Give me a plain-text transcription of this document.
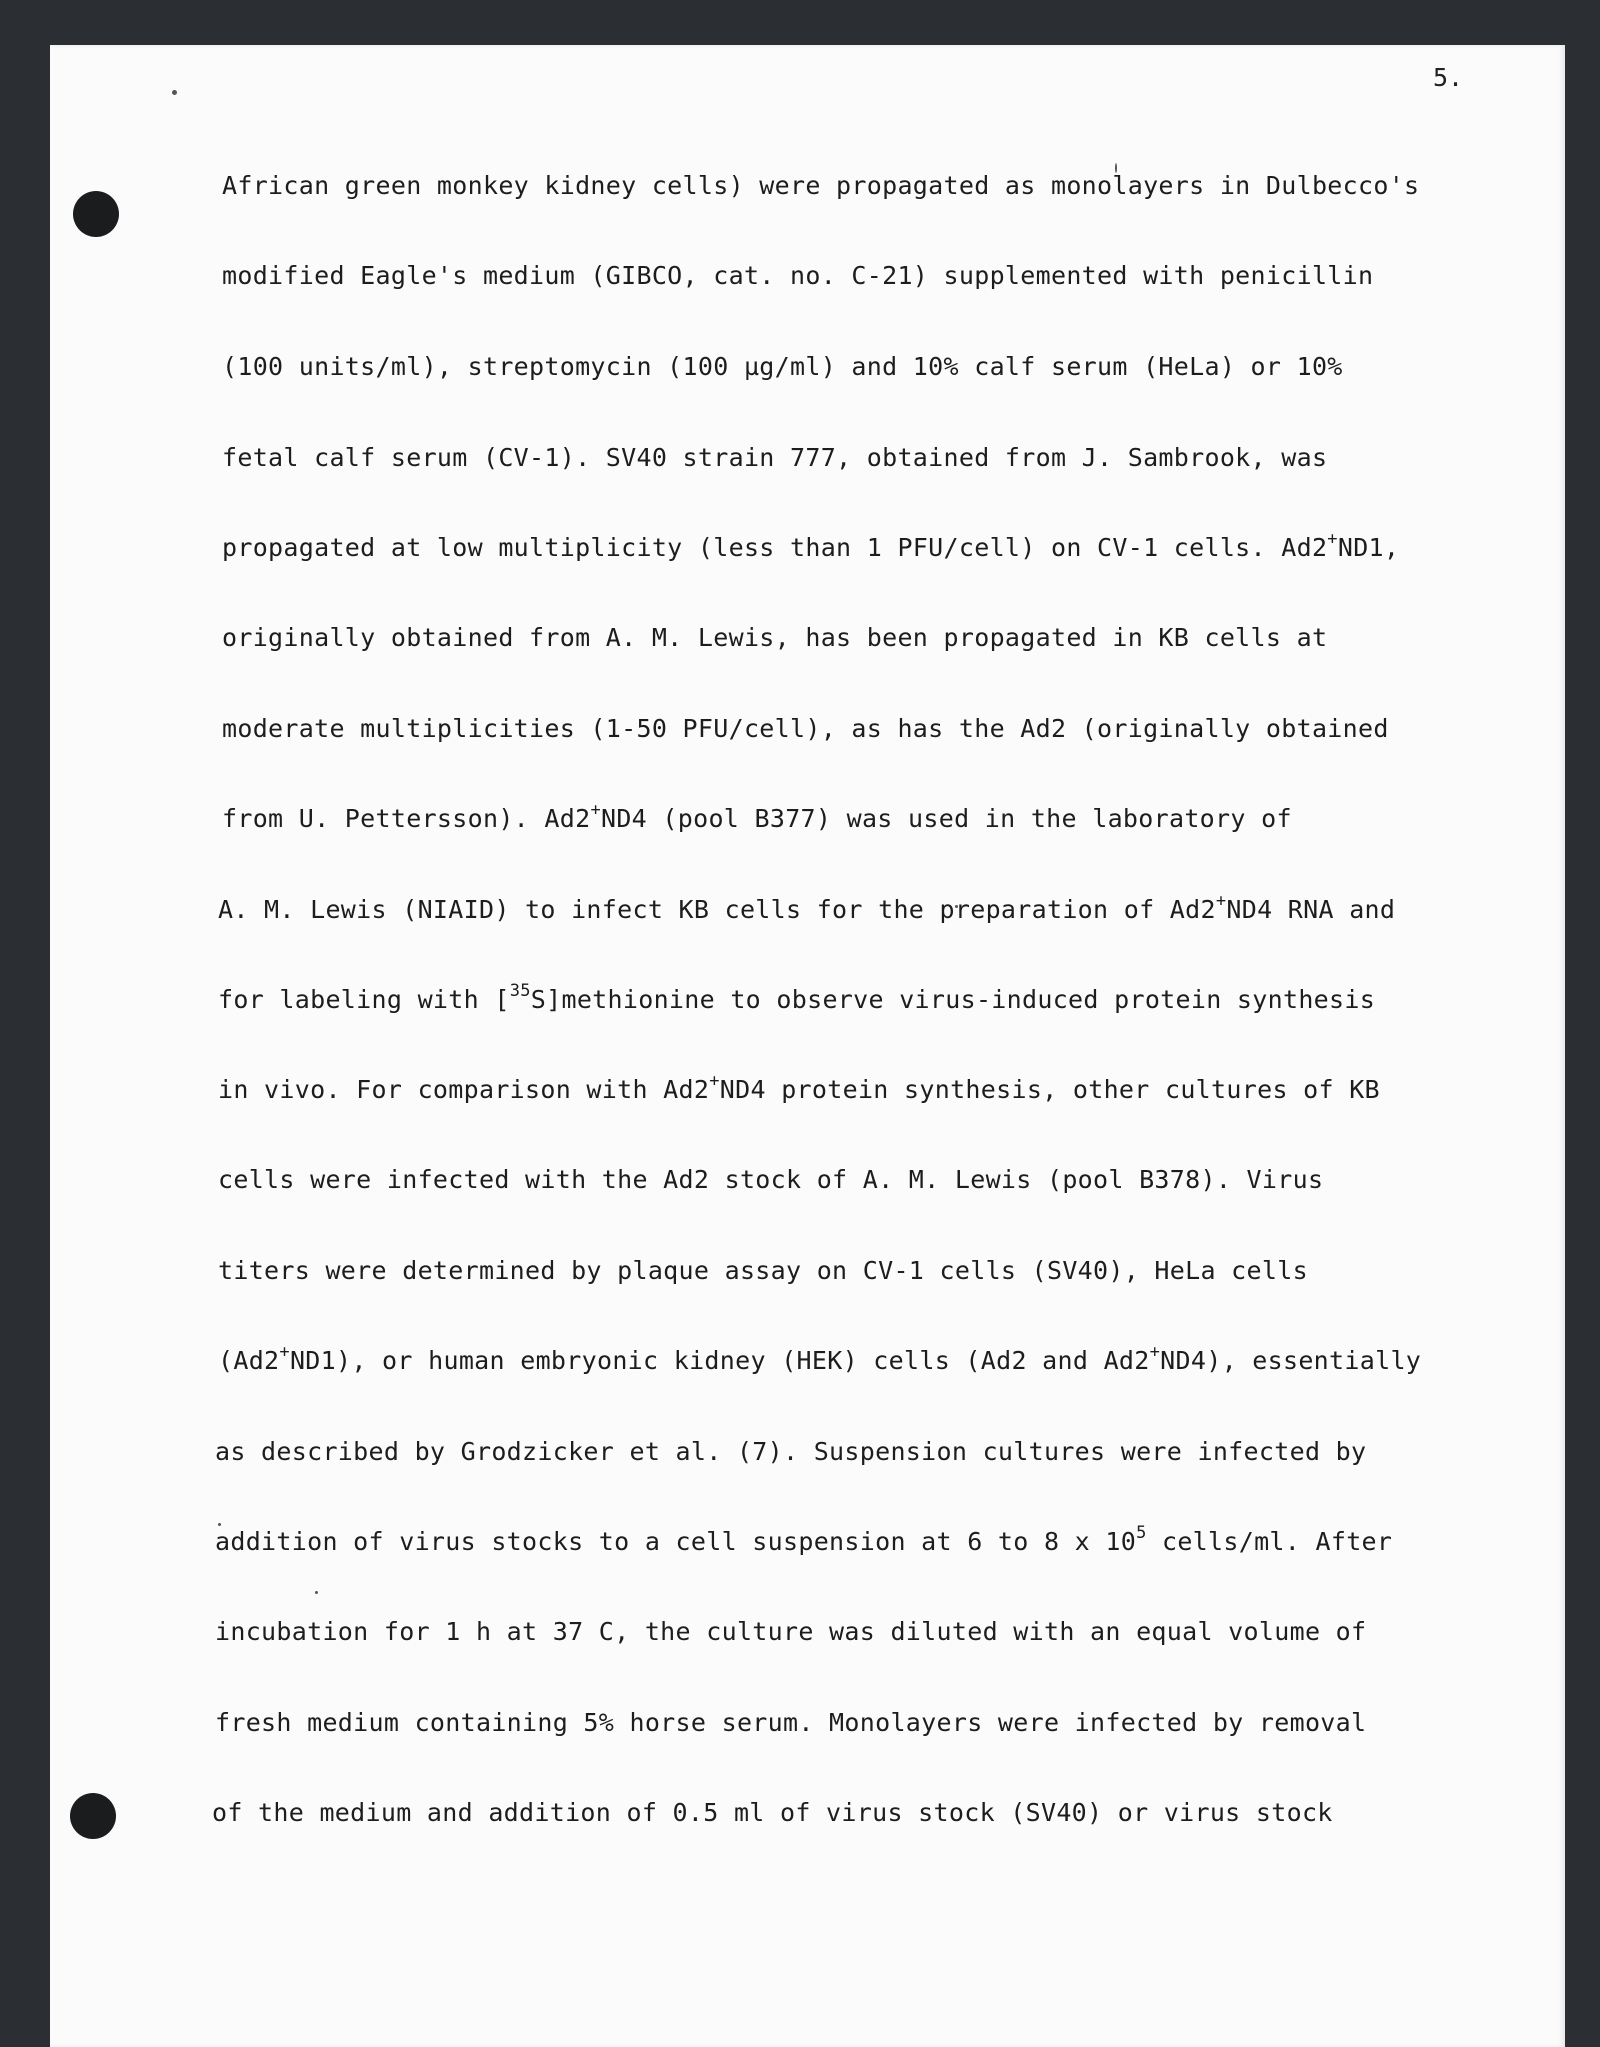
5.
African green monkey kidney cells) were propagated as monolayers in Dulbecco's
modified Eagle's medium (GIBCO, cat. no. C-21) supplemented with penicillin
(100 units/ml), streptomycin (100 µg/ml) and 10% calf serum (HeLa) or 10%
fetal calf serum (CV-1). SV40 strain 777, obtained from J. Sambrook, was
propagated at low multiplicity (less than 1 PFU/cell) on CV-1 cells. Ad2+ND1,
originally obtained from A. M. Lewis, has been propagated in KB cells at
moderate multiplicities (1-50 PFU/cell), as has the Ad2 (originally obtained
from U. Pettersson). Ad2+ND4 (pool B377) was used in the laboratory of
A. M. Lewis (NIAID) to infect KB cells for the preparation of Ad2+ND4 RNA and
for labeling with [$^{35}$S]methionine to observe virus-induced protein synthesis
in vivo. For comparison with Ad2+ND4 protein synthesis, other cultures of KB
cells were infected with the Ad2 stock of A. M. Lewis (pool B378). Virus
titers were determined by plaque assay on CV-1 cells (SV40), HeLa cells
(Ad2+ND1), or human embryonic kidney (HEK) cells (Ad2 and Ad2+ND4), essentially
as described by Grodzicker et al. (7). Suspension cultures were infected by
addition of virus stocks to a cell suspension at 6 to 8 x $10^5$ cells/ml. After
incubation for 1 h at 37 C, the culture was diluted with an equal volume of
fresh medium containing 5% horse serum. Monolayers were infected by removal
of the medium and addition of 0.5 ml of virus stock (SV40) or virus stock
